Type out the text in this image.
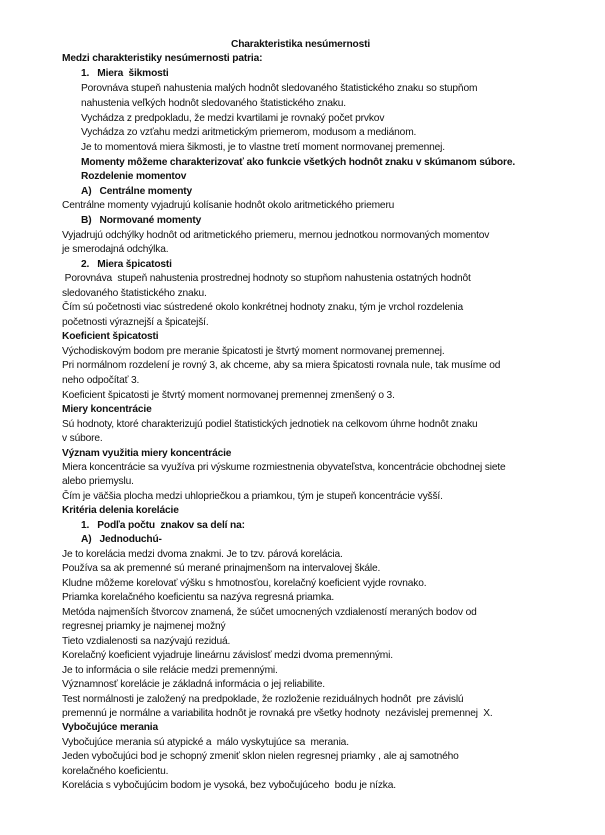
Charakteristika nesúmernosti
Medzi charakteristiky nesúmernosti patria:
1.   Miera  šikmosti
Porovnáva stupeň nahustenia malých hodnôt sledovaného štatistického znaku so stupňom
nahustenia veľkých hodnôt sledovaného štatistického znaku.
Vychádza z predpokladu, že medzi kvartilami je rovnaký počet prvkov
Vychádza zo vzťahu medzi aritmetickým priemerom, modusom a mediánom.
Je to momentová miera šikmosti, je to vlastne tretí moment normovanej premennej.
Momenty môžeme charakterizovať ako funkcie všetkých hodnôt znaku v skúmanom súbore.
Rozdelenie momentov
A)   Centrálne momenty
Centrálne momenty vyjadrujú kolísanie hodnôt okolo aritmetického priemeru
B)   Normované momenty
Vyjadrujú odchýlky hodnôt od aritmetického priemeru, mernou jednotkou normovaných momentov
je smerodajná odchýlka.
2.   Miera špicatosti
Porovnáva  stupeň nahustenia prostrednej hodnoty so stupňom nahustenia ostatných hodnôt
sledovaného štatistického znaku.
Čím sú početnosti viac sústredené okolo konkrétnej hodnoty znaku, tým je vrchol rozdelenia
početnosti výraznejší a špicatejší.
Koeficient špicatosti
Východiskovým bodom pre meranie špicatosti je štvrtý moment normovanej premennej.
Pri normálnom rozdelení je rovný 3, ak chceme, aby sa miera špicatosti rovnala nule, tak musíme od
neho odpočítať 3.
Koeficient špicatosti je štvrtý moment normovanej premennej zmenšený o 3.
Miery koncentrácie
Sú hodnoty, ktoré charakterizujú podiel štatistických jednotiek na celkovom úhrne hodnôt znaku
v súbore.
Význam využitia miery koncentrácie
Miera koncentrácie sa využíva pri výskume rozmiestnenia obyvateľstva, koncentrácie obchodnej siete
alebo priemyslu.
Čím je väčšia plocha medzi uhlopriečkou a priamkou, tým je stupeň koncentrácie vyšší.
Kritéria delenia korelácie
1.   Podľa počtu  znakov sa delí na:
A)   Jednoduchú-
Je to korelácia medzi dvoma znakmi. Je to tzv. párová korelácia.
Používa sa ak premenné sú merané prinajmenšom na intervalovej škále.
Kludne môžeme korelovať výšku s hmotnosťou, korelačný koeficient vyjde rovnako.
Priamka korelačného koeficientu sa nazýva regresná priamka.
Metóda najmenších štvorcov znamená, že súčet umocnených vzdialeností meraných bodov od
regresnej priamky je najmenej možný
Tieto vzdialenosti sa nazývajú reziduá.
Korelačný koeficient vyjadruje lineárnu závislosť medzi dvoma premennými.
Je to informácia o sile relácie medzi premennými.
Významnosť korelácie je základná informácia o jej reliabilite.
Test normálnosti je založený na predpoklade, že rozloženie reziduálnych hodnôt  pre závislú
premennú je normálne a variabilita hodnôt je rovnaká pre všetky hodnoty  nezávislej premennej  X.
Vybočujúce merania
Vybočujúce merania sú atypické a  málo vyskytujúce sa  merania.
Jeden vybočujúci bod je schopný zmeniť sklon nielen regresnej priamky , ale aj samotného
korelačného koeficientu.
Korelácia s vybočujúcim bodom je vysoká, bez vybočujúceho  bodu je nízka.
